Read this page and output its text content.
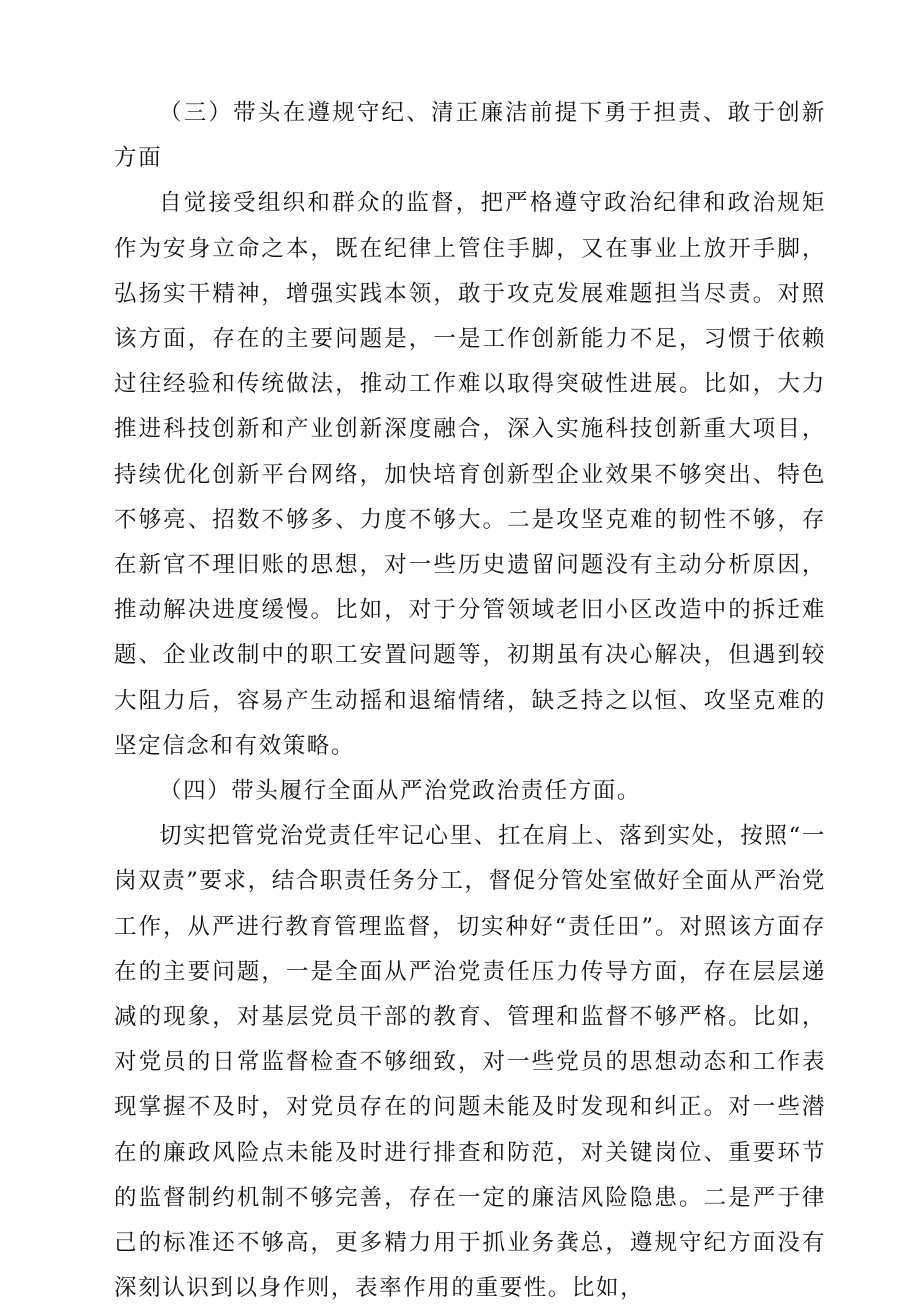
（三）带头在遵规守纪、清正廉洁前提下勇于担责、敢于创新方面

自觉接受组织和群众的监督，把严格遵守政治纪律和政治规矩作为安身立命之本，既在纪律上管住手脚，又在事业上放开手脚，弘扬实干精神，增强实践本领，敢于攻克发展难题担当尽责。对照该方面，存在的主要问题是，一是工作创新能力不足，习惯于依赖过往经验和传统做法，推动工作难以取得突破性进展。比如，大力推进科技创新和产业创新深度融合，深入实施科技创新重大项目，持续优化创新平台网络，加快培育创新型企业效果不够突出、特色不够亮、招数不够多、力度不够大。二是攻坚克难的韧性不够，存在新官不理旧账的思想，对一些历史遗留问题没有主动分析原因，推动解决进度缓慢。比如，对于分管领域老旧小区改造中的拆迁难题、企业改制中的职工安置问题等，初期虽有决心解决，但遇到较大阻力后，容易产生动摇和退缩情绪，缺乏持之以恒、攻坚克难的坚定信念和有效策略。

（四）带头履行全面从严治党政治责任方面。

切实把管党治党责任牢记心里、扛在肩上、落到实处，按照“一岗双责”要求，结合职责任务分工，督促分管处室做好全面从严治党工作，从严进行教育管理监督，切实种好“责任田”。对照该方面存在的主要问题，一是全面从严治党责任压力传导方面，存在层层递减的现象，对基层党员干部的教育、管理和监督不够严格。比如，对党员的日常监督检查不够细致，对一些党员的思想动态和工作表现掌握不及时，对党员存在的问题未能及时发现和纠正。对一些潜在的廉政风险点未能及时进行排查和防范，对关键岗位、重要环节的监督制约机制不够完善，存在一定的廉洁风险隐患。二是严于律己的标准还不够高，更多精力用于抓业务龚总，遵规守纪方面没有深刻认识到以身作则，表率作用的重要性。比如，
